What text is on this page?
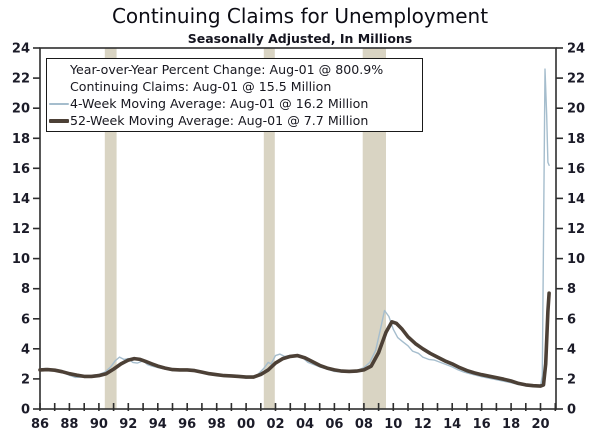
Continuing Claims for Unemployment
Seasonally Adjusted, In Millions
86 88 90 92 94 96 98 00 02 04 06 08 10 12 14 16 18 20
0	0
2	2
4	4
6	6
8	8
10	10
12	12
14	14
16	16
18	18
20	20
22	22
24	24
Year-over-Year Percent Change: Aug-01 @ 800.9%
Continuing Claims: Aug-01 @ 15.5 Million
4-Week Moving Average: Aug-01 @ 16.2 Million
52-Week Moving Average: Aug-01 @ 7.7 Million
